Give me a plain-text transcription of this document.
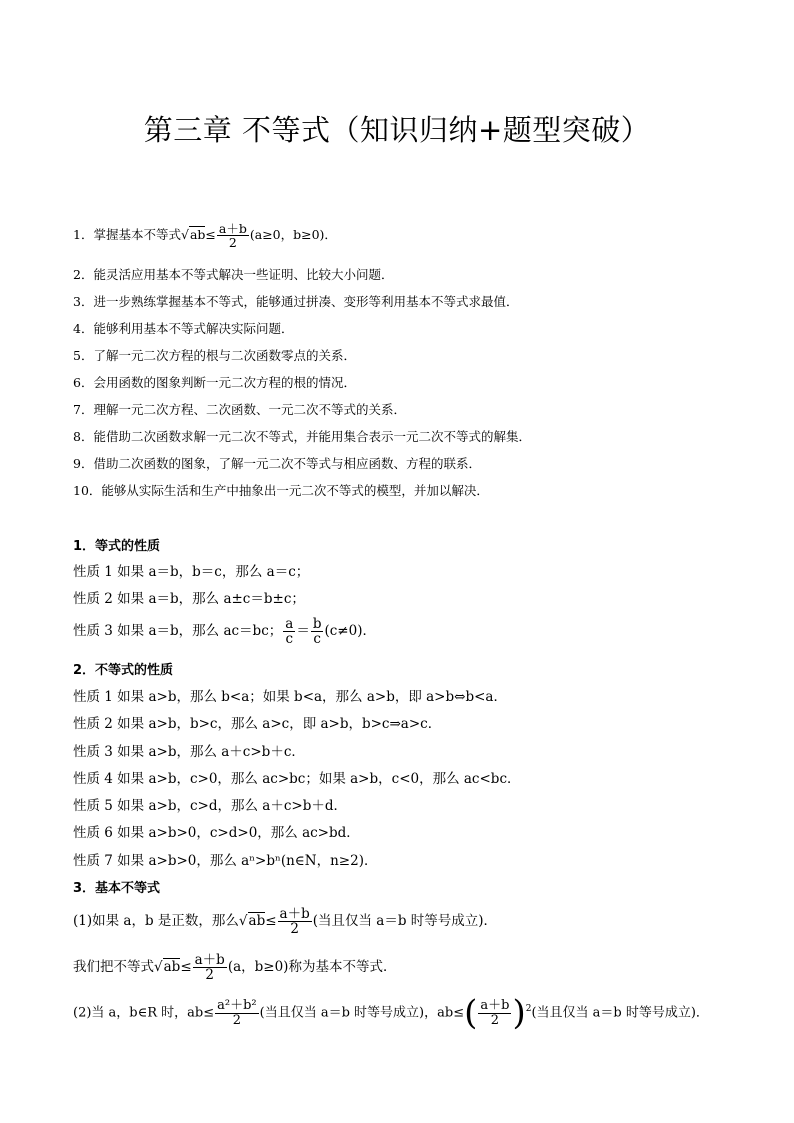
第三章 不等式（知识归纳+题型突破）
1．掌握基本不等式$√ab\le \frac{a+b}{2} (a\ge 0$，b≥0)．
2．能灵活应用基本不等式解决一些证明、比较大小问题．
3．进一步熟练掌握基本不等式，能够通过拼凑、变形等利用基本不等式求最值．
4．能够利用基本不等式解决实际问题．
5．了解一元二次方程的根与二次函数零点的关系．
6．会用函数的图象判断一元二次方程的根的情况．
7．理解一元二次方程、二次函数、一元二次不等式的关系．
8．能借助二次函数求解一元二次不等式，并能用集合表示一元二次不等式的解集．
9．借助二次函数的图象，了解一元二次不等式与相应函数、方程的联系．
10．能够从实际生活和生产中抽象出一元二次不等式的模型，并加以解决．
1．等式的性质
性质 1 如果 a＝b，b＝c，那么 a＝c；
性质 2 如果 a＝b，那么 a±c＝b±c；
性质 3 如果 a＝b，那么 ac＝bc； $\frac{a}{c} = \frac{b}{c} (c\ne 0)$．
2．不等式的性质
性质 1 如果 a>b，那么 b<a；如果 b<a，那么 a>b，即 a>b⇔b<a．
性质 2 如果 a>b，b>c，那么 a>c，即 a>b，b>c⇒a>c．
性质 3 如果 a>b，那么 a＋c>b＋c．
性质 4 如果 a>b，c>0，那么 ac>bc；如果 a>b，c<0，那么 ac<bc．
性质 5 如果 a>b，c>d，那么 a＋c>b＋d．
性质 6 如果 a>b>0，c>d>0，那么 ac>bd．
性质 7 如果 a>b>0，那么 aⁿ>bⁿ(n∈N，n≥2)．
3．基本不等式
(1)如果 a，b 是正数，那么$√ab\le \frac{a+b}{2}$ (当且仅当 a＝b 时等号成立)．
我们把不等式$√ab\le \frac{a+b}{2} (a$，b≥0)称为基本不等式．
(2)当 a，b∈R 时，$ab\le \frac{\text{a²＋b²}}{2}$ (当且仅当 a＝b 时等号成立)，$ab\le( \frac{a+b}{2} )^2$(当且仅当 a＝b 时等号成立)．
